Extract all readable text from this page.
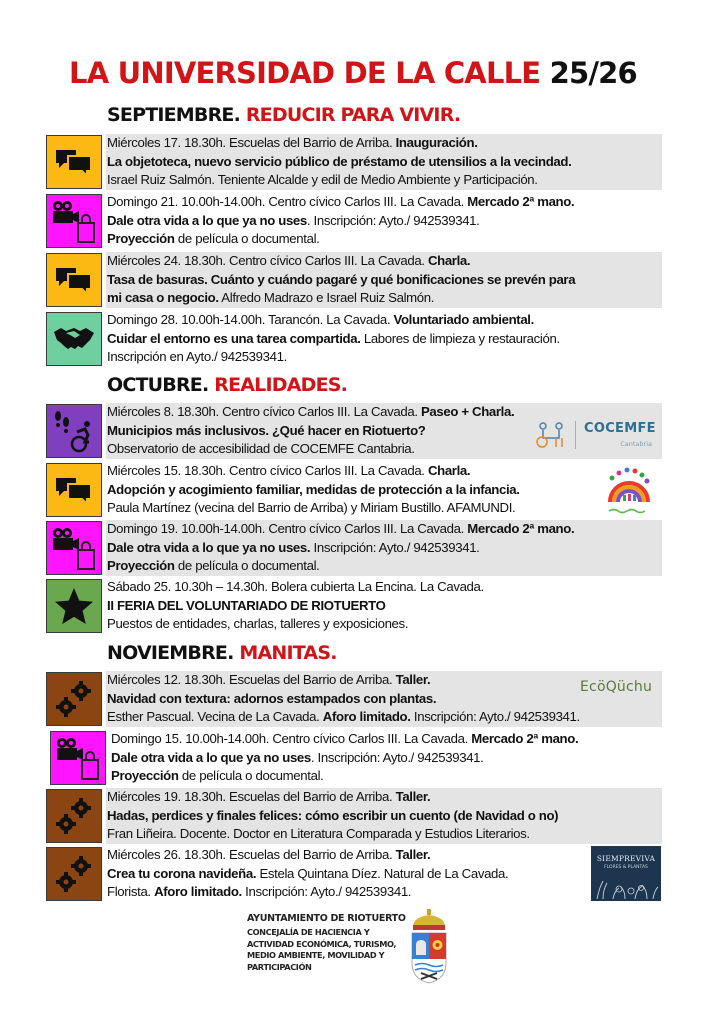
LA UNIVERSIDAD DE LA CALLE 25/26
SEPTIEMBRE. REDUCIR PARA VIVIR.
Miércoles 17. 18.30h. Escuelas del Barrio de Arriba. Inauguración.
La objetoteca, nuevo servicio público de préstamo de utensilios a la vecindad.
Israel Ruiz Salmón. Teniente Alcalde y edil de Medio Ambiente y Participación.
Domingo 21. 10.00h-14.00h. Centro cívico Carlos III. La Cavada. Mercado 2ª mano.
Dale otra vida a lo que ya no uses. Inscripción: Ayto./ 942539341.
Proyección de película o documental.
Miércoles 24. 18.30h. Centro cívico Carlos III. La Cavada. Charla.
Tasa de basuras. Cuánto y cuándo pagaré y qué bonificaciones se prevén para
mi casa o negocio. Alfredo Madrazo e Israel Ruiz Salmón.
Domingo 28. 10.00h-14.00h. Tarancón. La Cavada. Voluntariado ambiental.
Cuidar el entorno es una tarea compartida. Labores de limpieza y restauración.
Inscripción en Ayto./ 942539341.
OCTUBRE. REALIDADES.
Miércoles 8. 18.30h. Centro cívico Carlos III. La Cavada. Paseo + Charla.
Municipios más inclusivos. ¿Qué hacer en Riotuerto?
Observatorio de accesibilidad de COCEMFE Cantabria.
COCEMFE
Cantabria
Miércoles 15. 18.30h. Centro cívico Carlos III. La Cavada. Charla.
Adopción y acogimiento familiar, medidas de protección a la infancia.
Paula Martínez (vecina del Barrio de Arriba) y Miriam Bustillo. AFAMUNDI.
Domingo 19. 10.00h-14.00h. Centro cívico Carlos III. La Cavada. Mercado 2ª mano.
Dale otra vida a lo que ya no uses. Inscripción: Ayto./ 942539341.
Proyección de película o documental.
Sábado 25. 10.30h – 14.30h. Bolera cubierta La Encina. La Cavada.
II FERIA DEL VOLUNTARIADO DE RIOTUERTO
Puestos de entidades, charlas, talleres y exposiciones.
NOVIEMBRE. MANITAS.
Miércoles 12. 18.30h. Escuelas del Barrio de Arriba. Taller.
Navidad con textura: adornos estampados con plantas.
Esther Pascual. Vecina de La Cavada. Aforo limitado. Inscripción: Ayto./ 942539341.
EcöQüchu
Domingo 15. 10.00h-14.00h. Centro cívico Carlos III. La Cavada. Mercado 2ª mano.
Dale otra vida a lo que ya no uses. Inscripción: Ayto./ 942539341.
Proyección de película o documental.
Miércoles 19. 18.30h. Escuelas del Barrio de Arriba. Taller.
Hadas, perdices y finales felices: cómo escribir un cuento (de Navidad o no)
Fran Liñeira. Docente. Doctor en Literatura Comparada y Estudios Literarios.
Miércoles 26. 18.30h. Escuelas del Barrio de Arriba. Taller.
Crea tu corona navideña. Estela Quintana Díez. Natural de La Cavada.
Florista. Aforo limitado. Inscripción: Ayto./ 942539341.
SIEMPREVIVA
FLORES & PLANTAS
AYUNTAMIENTO DE RIOTUERTO
CONCEJALÍA DE HACIENCIA Y
ACTIVIDAD ECONÓMICA, TURISMO,
MEDIO AMBIENTE, MOVILIDAD Y
PARTICIPACIÓN
